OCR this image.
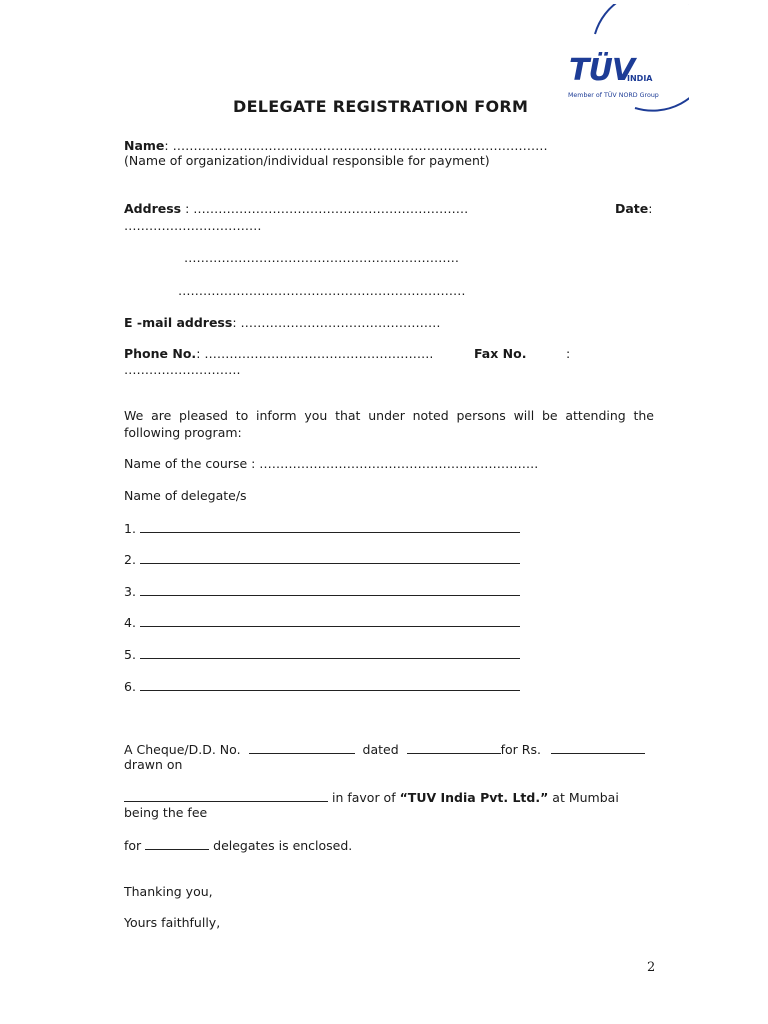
TÜV
INDIA
Member of TÜV NORD Group
DELEGATE REGISTRATION FORM
Name: ………………………………………………………………………………
(Name of organization/individual responsible for payment)
Address : …………………………………………………………	Date:
……………………………
…………………………………………………………
……………………………………………………………
E -mail address: …………………………………………
Phone No.: ……………………………………………….	Fax No.	:
……………………….
We are pleased to inform you that under noted persons will be attending the
following program:
Name of the course : ………………………………………………………….
Name of delegate/s
1.
2.
3.
4.
5.
6.
A Cheque/D.D. No.	dated	for Rs.
drawn on
in favor of “TUV India Pvt. Ltd.” at Mumbai
being the fee
for	delegates is enclosed.
Thanking you,
Yours faithfully,
2
